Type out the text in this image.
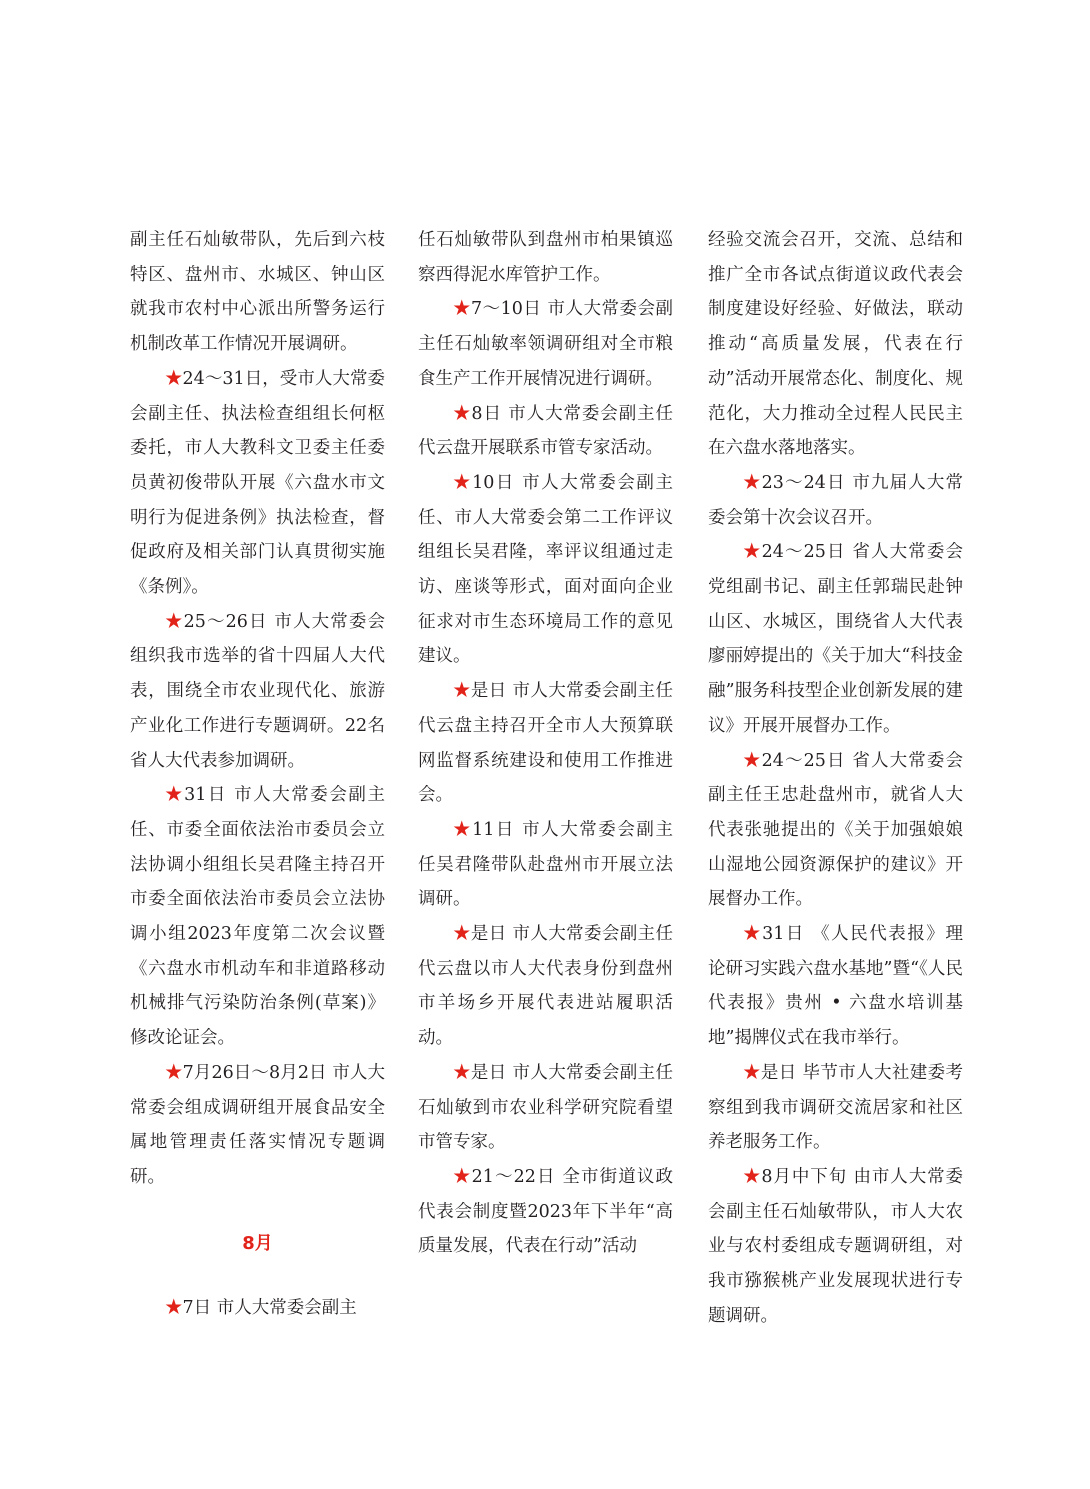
副主任石灿敏带队，先后到六枝特区、盘州市、水城区、钟山区就我市农村中心派出所警务运行机制改革工作情况开展调研。

★24～31日，受市人大常委会副主任、执法检查组组长何枢委托，市人大教科文卫委主任委员黄初俊带队开展《六盘水市文明行为促进条例》执法检查，督促政府及相关部门认真贯彻实施《条例》。

★25～26日 市人大常委会组织我市选举的省十四届人大代表，围绕全市农业现代化、旅游产业化工作进行专题调研。22名省人大代表参加调研。

★31日 市人大常委会副主任、市委全面依法治市委员会立法协调小组组长吴君隆主持召开市委全面依法治市委员会立法协调小组2023年度第二次会议暨《六盘水市机动车和非道路移动机械排气污染防治条例(草案)》修改论证会。

★7月26日～8月2日 市人大常委会组成调研组开展食品安全属地管理责任落实情况专题调研。

8月

★7日 市人大常委会副主

任石灿敏带队到盘州市柏果镇巡察西得泥水库管护工作。

★7～10日 市人大常委会副主任石灿敏率领调研组对全市粮食生产工作开展情况进行调研。

★8日 市人大常委会副主任代云盘开展联系市管专家活动。

★10日 市人大常委会副主任、市人大常委会第二工作评议组组长吴君隆，率评议组通过走访、座谈等形式，面对面向企业征求对市生态环境局工作的意见建议。

★是日 市人大常委会副主任代云盘主持召开全市人大预算联网监督系统建设和使用工作推进会。

★11日 市人大常委会副主任吴君隆带队赴盘州市开展立法调研。

★是日 市人大常委会副主任代云盘以市人大代表身份到盘州市羊场乡开展代表进站履职活动。

★是日 市人大常委会副主任石灿敏到市农业科学研究院看望市管专家。

★21～22日 全市街道议政代表会制度暨2023年下半年“高质量发展，代表在行动”活动

经验交流会召开，交流、总结和推广全市各试点街道议政代表会制度建设好经验、好做法，联动推动“高质量发展，代表在行动”活动开展常态化、制度化、规范化，大力推动全过程人民民主在六盘水落地落实。

★23～24日 市九届人大常委会第十次会议召开。

★24～25日 省人大常委会党组副书记、副主任郭瑞民赴钟山区、水城区，围绕省人大代表廖丽婷提出的《关于加大“科技金融”服务科技型企业创新发展的建议》开展开展督办工作。

★24～25日 省人大常委会副主任王忠赴盘州市，就省人大代表张驰提出的《关于加强娘娘山湿地公园资源保护的建议》开展督办工作。

★31日 《人民代表报》理论研习实践六盘水基地”暨“《人民代表报》贵州 • 六盘水培训基地”揭牌仪式在我市举行。

★是日 毕节市人大社建委考察组到我市调研交流居家和社区养老服务工作。

★8月中下旬 由市人大常委会副主任石灿敏带队，市人大农业与农村委组成专题调研组，对我市猕猴桃产业发展现状进行专题调研。
